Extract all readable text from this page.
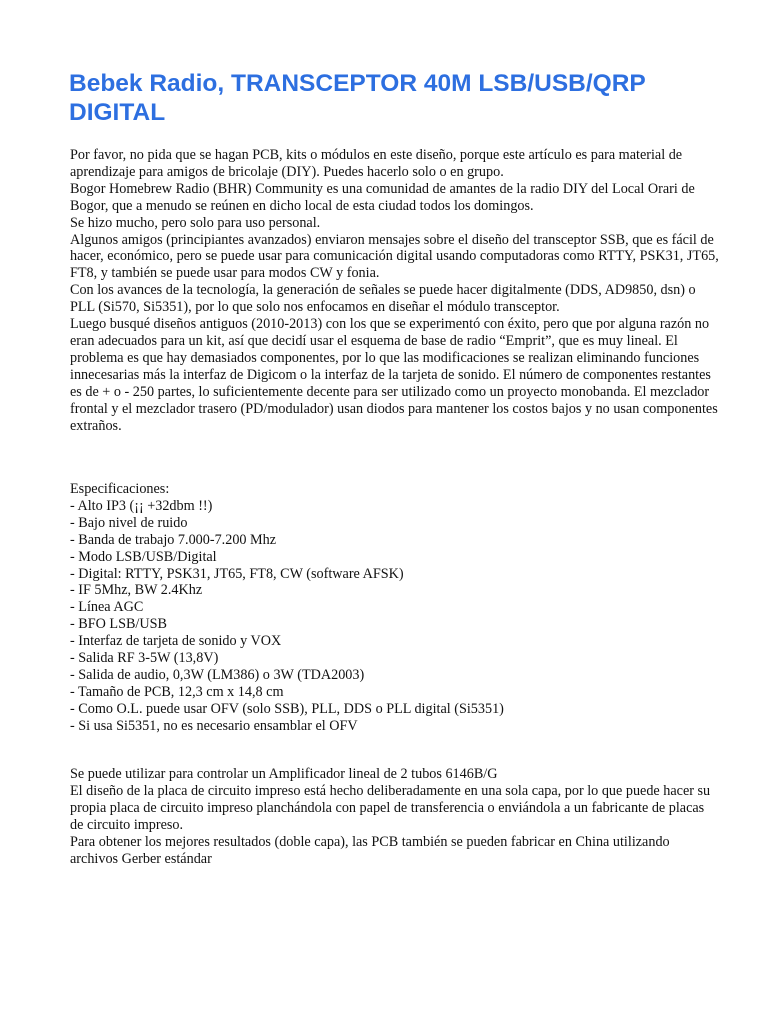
Bebek Radio, TRANSCEPTOR 40M LSB/USB/QRP DIGITAL

Por favor, no pida que se hagan PCB, kits o módulos en este diseño, porque este artículo es para material de aprendizaje para amigos de bricolaje (DIY). Puedes hacerlo solo o en grupo.

Bogor Homebrew Radio (BHR) Community es una comunidad de amantes de la radio DIY del Local Orari de Bogor, que a menudo se reúnen en dicho local de esta ciudad todos los domingos.

Se hizo mucho, pero solo para uso personal.

Algunos amigos (principiantes avanzados) enviaron mensajes sobre el diseño del transceptor SSB, que es fácil de hacer, económico, pero se puede usar para comunicación digital usando computadoras como RTTY, PSK31, JT65, FT8, y también se puede usar para modos CW y fonia.

Con los avances de la tecnología, la generación de señales se puede hacer digitalmente (DDS, AD9850, dsn) o PLL (Si570, Si5351), por lo que solo nos enfocamos en diseñar el módulo transceptor.

Luego busqué diseños antiguos (2010-2013) con los que se experimentó con éxito, pero que por alguna razón no eran adecuados para un kit, así que decidí usar el esquema de base de radio “Emprit”, que es muy lineal. El problema es que hay demasiados componentes, por lo que las modificaciones se realizan eliminando funciones innecesarias más la interfaz de Digicom o la interfaz de la tarjeta de sonido. El número de componentes restantes es de + o - 250 partes, lo suficientemente decente para ser utilizado como un proyecto monobanda. El mezclador frontal y el mezclador trasero (PD/modulador) usan diodos para mantener los costos bajos y no usan componentes extraños.

Especificaciones:

- Alto IP3 (¡¡ +32dbm !!)

- Bajo nivel de ruido

- Banda de trabajo 7.000-7.200 Mhz

- Modo LSB/USB/Digital

- Digital: RTTY, PSK31, JT65, FT8, CW (software AFSK)

- IF 5Mhz, BW 2.4Khz

- Línea AGC

- BFO LSB/USB

- Interfaz de tarjeta de sonido y VOX

- Salida RF 3-5W (13,8V)

- Salida de audio, 0,3W (LM386) o 3W (TDA2003)

- Tamaño de PCB, 12,3 cm x 14,8 cm

- Como O.L. puede usar OFV (solo SSB), PLL, DDS o PLL digital (Si5351)

- Si usa Si5351, no es necesario ensamblar el OFV

Se puede utilizar para controlar un Amplificador lineal de 2 tubos 6146B/G

El diseño de la placa de circuito impreso está hecho deliberadamente en una sola capa, por lo que puede hacer su propia placa de circuito impreso planchándola con papel de transferencia o enviándola a un fabricante de placas de circuito impreso.

Para obtener los mejores resultados (doble capa), las PCB también se pueden fabricar en China utilizando archivos Gerber estándar
